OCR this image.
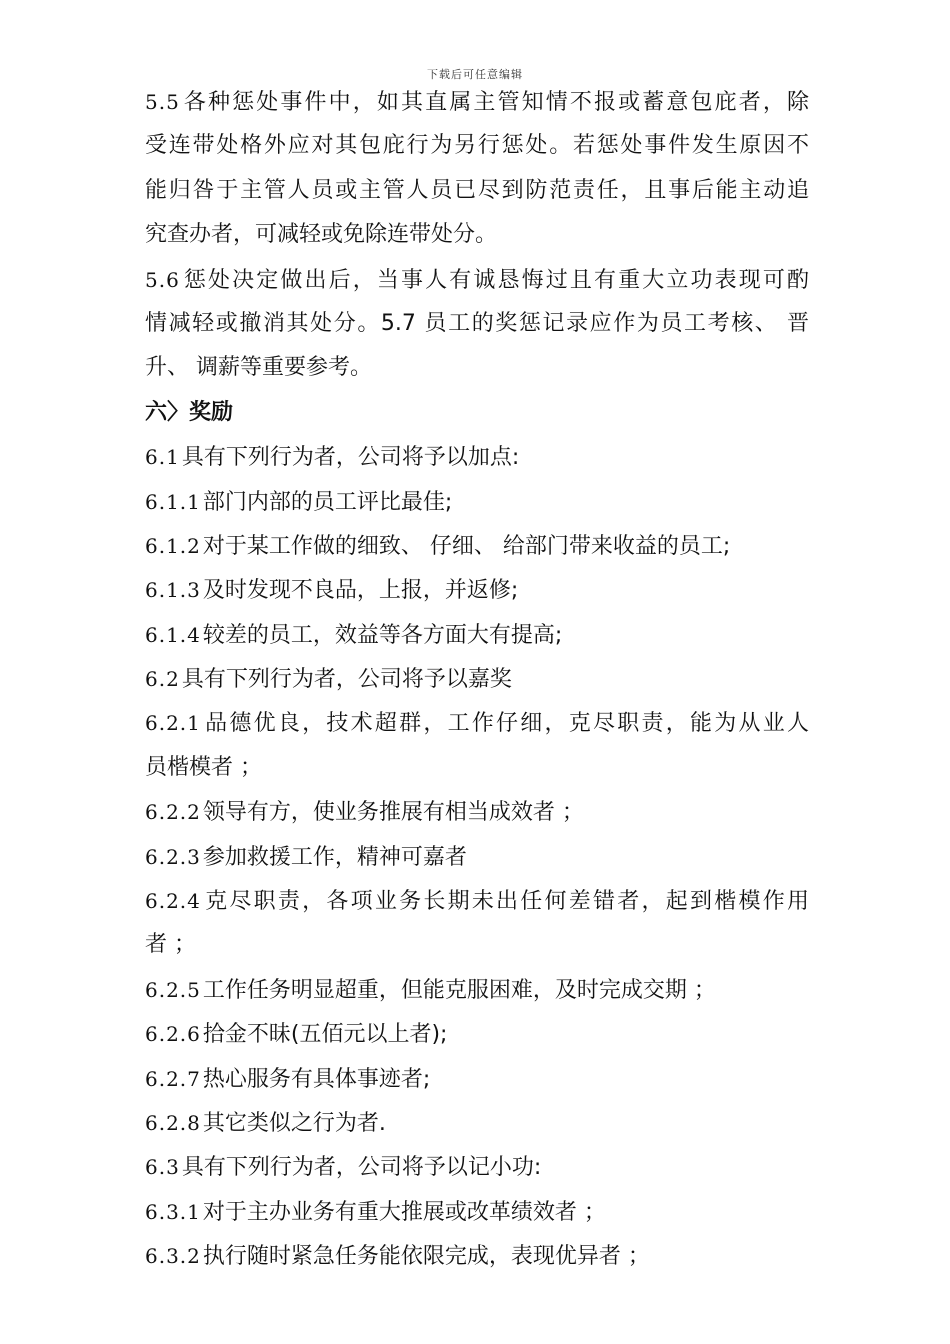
下载后可任意编辑
5.5各种惩处事件中，如其直属主管知情不报或蓄意包庇者，除
受连带处格外应对其包庇行为另行惩处。若惩处事件发生原因不
能归咎于主管人员或主管人员已尽到防范责任，且事后能主动追
究查办者，可减轻或免除连带处分。
5.6惩处决定做出后，当事人有诚恳悔过且有重大立功表现可酌
情减轻或撤消其处分。5.7 员工的奖惩记录应作为员工考核、 晋
升、 调薪等重要参考。
六〉奖励
6.1具有下列行为者，公司将予以加点:
6.1.1部门内部的员工评比最佳;
6.1.2对于某工作做的细致、 仔细、 给部门带来收益的员工;
6.1.3及时发现不良品，上报，并返修;
6.1.4较差的员工，效益等各方面大有提高;
6.2具有下列行为者，公司将予以嘉奖
6.2.1品德优良，技术超群，工作仔细，克尽职责，能为从业人
员楷模者 ；
6.2.2领导有方，使业务推展有相当成效者 ；
6.2.3参加救援工作，精神可嘉者
6.2.4克尽职责，各项业务长期未出任何差错者，起到楷模作用
者 ；
6.2.5工作任务明显超重，但能克服困难，及时完成交期 ；
6.2.6拾金不昧(五佰元以上者);
6.2.7热心服务有具体事迹者;
6.2.8其它类似之行为者.
6.3具有下列行为者，公司将予以记小功:
6.3.1对于主办业务有重大推展或改革绩效者 ；
6.3.2执行随时紧急任务能依限完成，表现优异者 ；
